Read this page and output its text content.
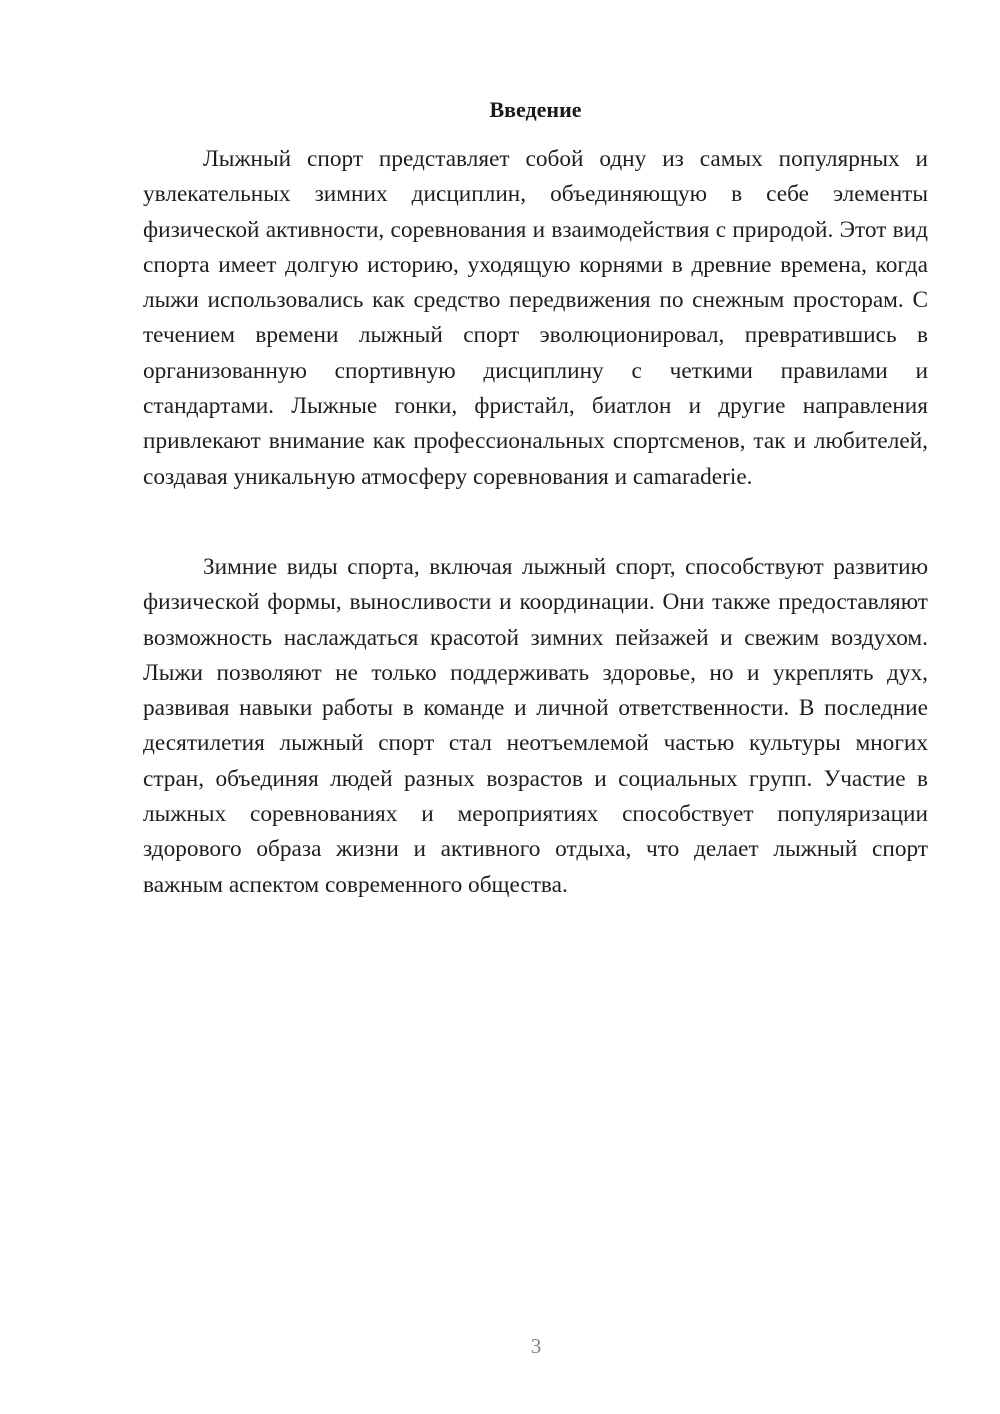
Введение

Лыжный спорт представляет собой одну из самых популярных и увлекательных зимних дисциплин, объединяющую в себе элементы физической активности, соревнования и взаимодействия с природой. Этот вид спорта имеет долгую историю, уходящую корнями в древние времена, когда лыжи использовались как средство передвижения по снежным просторам. С течением времени лыжный спорт эволюционировал, превратившись в организованную спортивную дисциплину с четкими правилами и стандартами. Лыжные гонки, фристайл, биатлон и другие направления привлекают внимание как профессиональных спортсменов, так и любителей, создавая уникальную атмосферу соревнования и camaraderie.

Зимние виды спорта, включая лыжный спорт, способствуют развитию физической формы, выносливости и координации. Они также предоставляют возможность наслаждаться красотой зимних пейзажей и свежим воздухом. Лыжи позволяют не только поддерживать здоровье, но и укреплять дух, развивая навыки работы в команде и личной ответственности. В последние десятилетия лыжный спорт стал неотъемлемой частью культуры многих стран, объединяя людей разных возрастов и социальных групп. Участие в лыжных соревнованиях и мероприятиях способствует популяризации здорового образа жизни и активного отдыха, что делает лыжный спорт важным аспектом современного общества.

3
